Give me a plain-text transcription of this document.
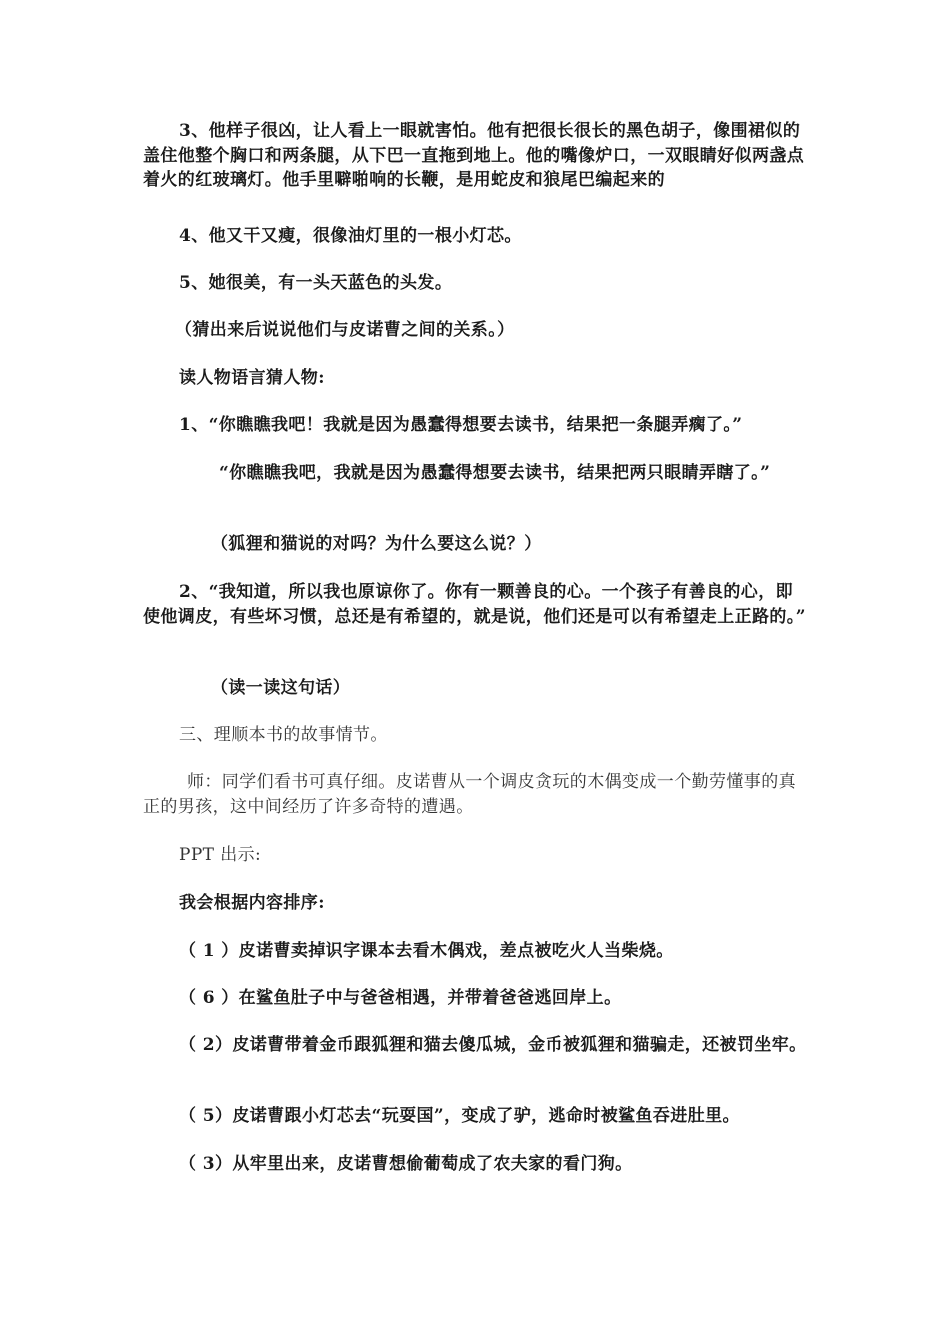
3、他样子很凶，让人看上一眼就害怕。他有把很长很长的黑色胡子，像围裙似的盖住他整个胸口和两条腿，从下巴一直拖到地上。他的嘴像炉口，一双眼睛好似两盏点着火的红玻璃灯。他手里噼啪响的长鞭，是用蛇皮和狼尾巴编起来的
4、他又干又瘦，很像油灯里的一根小灯芯。
5、她很美，有一头天蓝色的头发。
（猜出来后说说他们与皮诺曹之间的关系。）
读人物语言猜人物:
1、“你瞧瞧我吧！我就是因为愚蠢得想要去读书，结果把一条腿弄瘸了。”
“你瞧瞧我吧，我就是因为愚蠢得想要去读书，结果把两只眼睛弄瞎了。”
（狐狸和猫说的对吗？为什么要这么说？）
2、“我知道，所以我也原谅你了。你有一颗善良的心。一个孩子有善良的心，即使他调皮，有些坏习惯，总还是有希望的，就是说，他们还是可以有希望走上正路的。”
（读一读这句话）
三、理顺本书的故事情节。
师：同学们看书可真仔细。皮诺曹从一个调皮贪玩的木偶变成一个勤劳懂事的真正的男孩，这中间经历了许多奇特的遭遇。
PPT 出示:
我会根据内容排序:
（ 1 ）皮诺曹卖掉识字课本去看木偶戏，差点被吃火人当柴烧。
（ 6 ）在鲨鱼肚子中与爸爸相遇，并带着爸爸逃回岸上。
（ 2）皮诺曹带着金币跟狐狸和猫去傻瓜城，金币被狐狸和猫骗走，还被罚坐牢。
（ 5）皮诺曹跟小灯芯去“玩耍国”，变成了驴，逃命时被鲨鱼吞进肚里。
（ 3）从牢里出来，皮诺曹想偷葡萄成了农夫家的看门狗。
